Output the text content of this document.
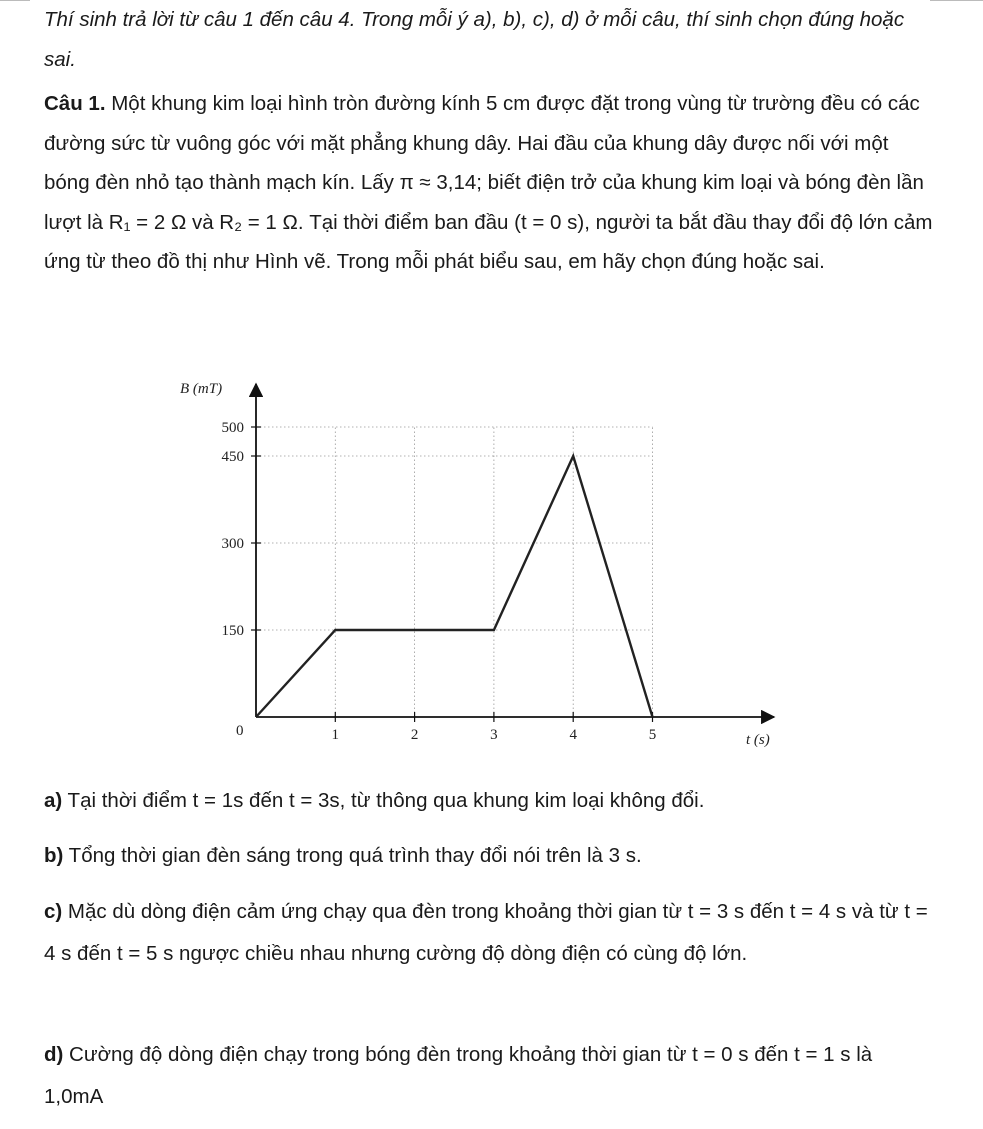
Thí sinh trả lời từ câu 1 đến câu 4. Trong mỗi ý a), b), c), d) ở mỗi câu, thí sinh chọn đúng hoặc sai.
Câu 1. Một khung kim loại hình tròn đường kính 5 cm được đặt trong vùng từ trường đều có các đường sức từ vuông góc với mặt phẳng khung dây. Hai đầu của khung dây được nối với một bóng đèn nhỏ tạo thành mạch kín. Lấy π ≈ 3,14; biết điện trở của khung kim loại và bóng đèn lần lượt là R₁ = 2 Ω và R₂ = 1 Ω. Tại thời điểm ban đầu (t = 0 s), người ta bắt đầu thay đổi độ lớn cảm ứng từ theo đồ thị như Hình vẽ. Trong mỗi phát biểu sau, em hãy chọn đúng hoặc sai.
150
300
450
500
1	2	3	4	5
B (mT)
t (s)
0
a) Tại thời điểm t = 1s đến t = 3s, từ thông qua khung kim loại không đổi.
b) Tổng thời gian đèn sáng trong quá trình thay đổi nói trên là 3 s.
c) Mặc dù dòng điện cảm ứng chạy qua đèn trong khoảng thời gian từ t = 3 s đến t = 4 s và từ t = 4 s đến t = 5 s ngược chiều nhau nhưng cường độ dòng điện có cùng độ lớn.
d) Cường độ dòng điện chạy trong bóng đèn trong khoảng thời gian từ t = 0 s đến t = 1 s là 1,0mA
